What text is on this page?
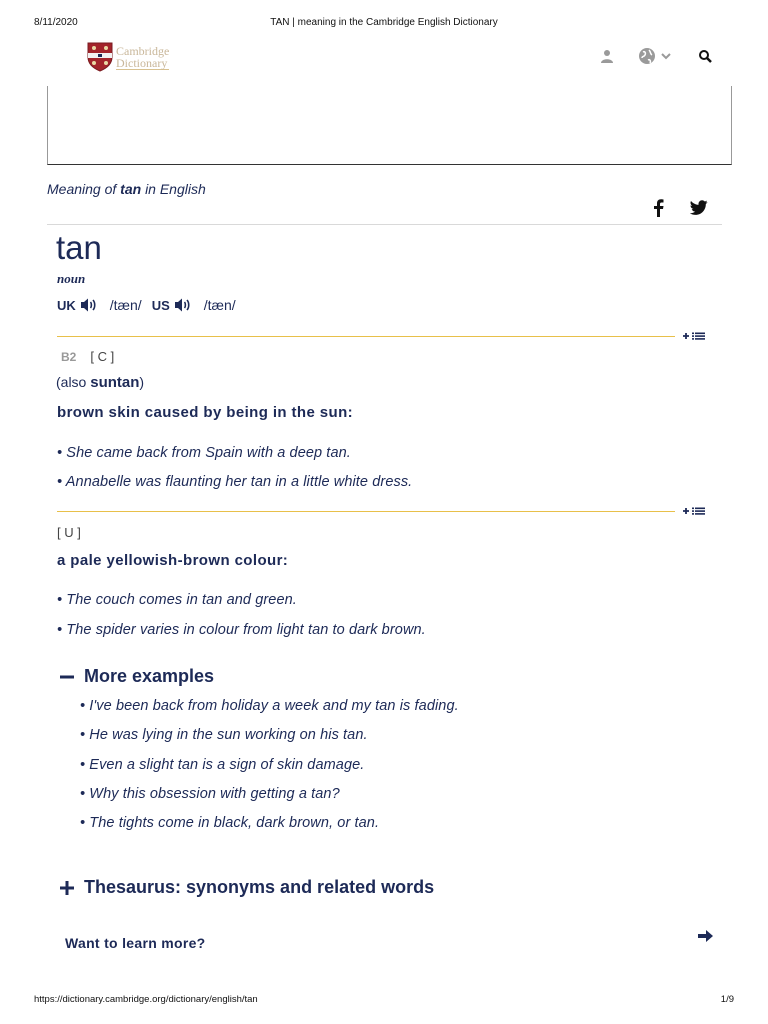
8/11/2020	TAN | meaning in the Cambridge English Dictionary
Cambridge
Dictionary
Meaning of tan in English
tan
noun
UK /tæn/ US /tæn/
B2 [ C ]
(also suntan)
brown skin caused by being in the sun:
• She came back from Spain with a deep tan.
• Annabelle was flaunting her tan in a little white dress.
[ U ]
a pale yellowish-brown colour:
• The couch comes in tan and green.
• The spider varies in colour from light tan to dark brown.
More examples
• I've been back from holiday a week and my tan is fading.
• He was lying in the sun working on his tan.
• Even a slight tan is a sign of skin damage.
• Why this obsession with getting a tan?
• The tights come in black, dark brown, or tan.
Thesaurus: synonyms and related words
Want to learn more?
https://dictionary.cambridge.org/dictionary/english/tan	1/9
